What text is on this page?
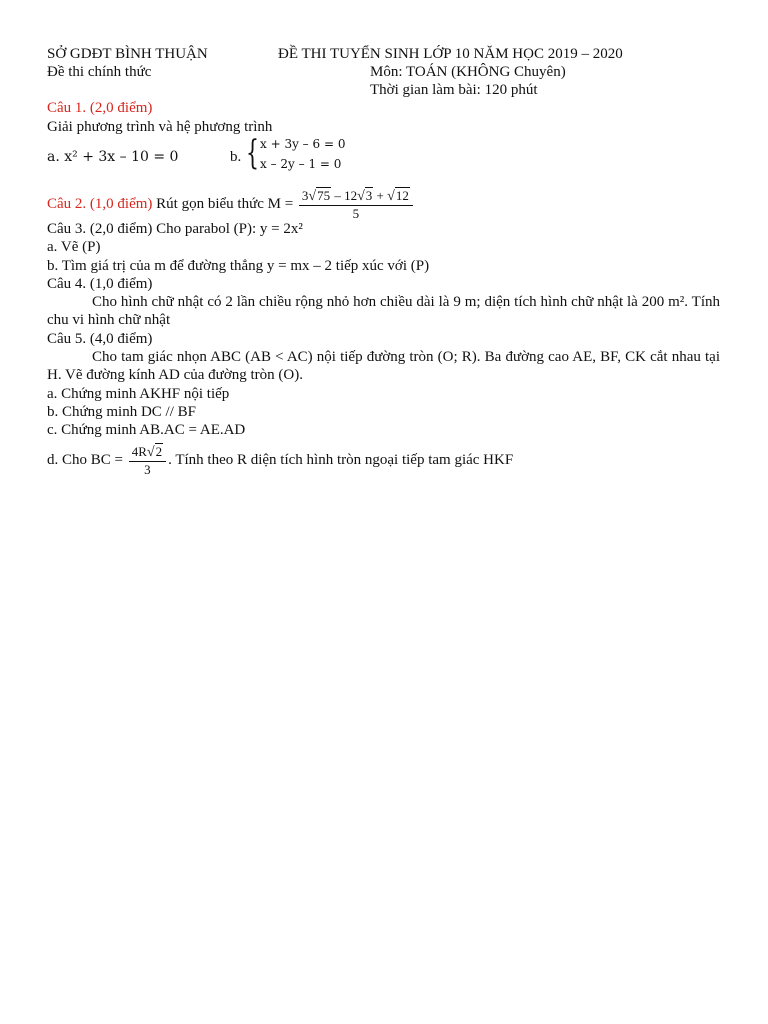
SỞ GDĐT BÌNH THUẬN	ĐỀ THI TUYỂN SINH LỚP 10 NĂM HỌC 2019 – 2020
Đề thi chính thức	Môn: TOÁN (KHÔNG Chuyên)
Thời gian làm bài: 120 phút
Câu 1. (2,0 điểm)
Giải phương trình và hệ phương trình
a. x² + 3x – 10 = 0	b. { x + 3y – 6 = 0
x – 2y – 1 = 0
Câu 2. (1,0 điểm) Rút gọn biểu thức $M = \frac{3√75 - 12√3 + √12}{5}$
Câu 3. (2,0 điểm) Cho parabol (P): y = 2x²
a. Vẽ (P)
b. Tìm giá trị của m để đường thẳng y = mx – 2 tiếp xúc với (P)
Câu 4. (1,0 điểm)
Cho hình chữ nhật có 2 lần chiều rộng nhỏ hơn chiều dài là 9 m; diện tích hình chữ nhật là 200 m². Tính chu vi hình chữ nhật
Câu 5. (4,0 điểm)
Cho tam giác nhọn ABC (AB < AC) nội tiếp đường tròn (O; R). Ba đường cao AE, BF, CK cắt nhau tại H. Vẽ đường kính AD của đường tròn (O).
a. Chứng minh AKHF nội tiếp
b. Chứng minh DC // BF
c. Chứng minh AB.AC = AE.AD
d. Cho BC = $\frac{4R√2}{3}$ . Tính theo R diện tích hình tròn ngoại tiếp tam giác HKF
